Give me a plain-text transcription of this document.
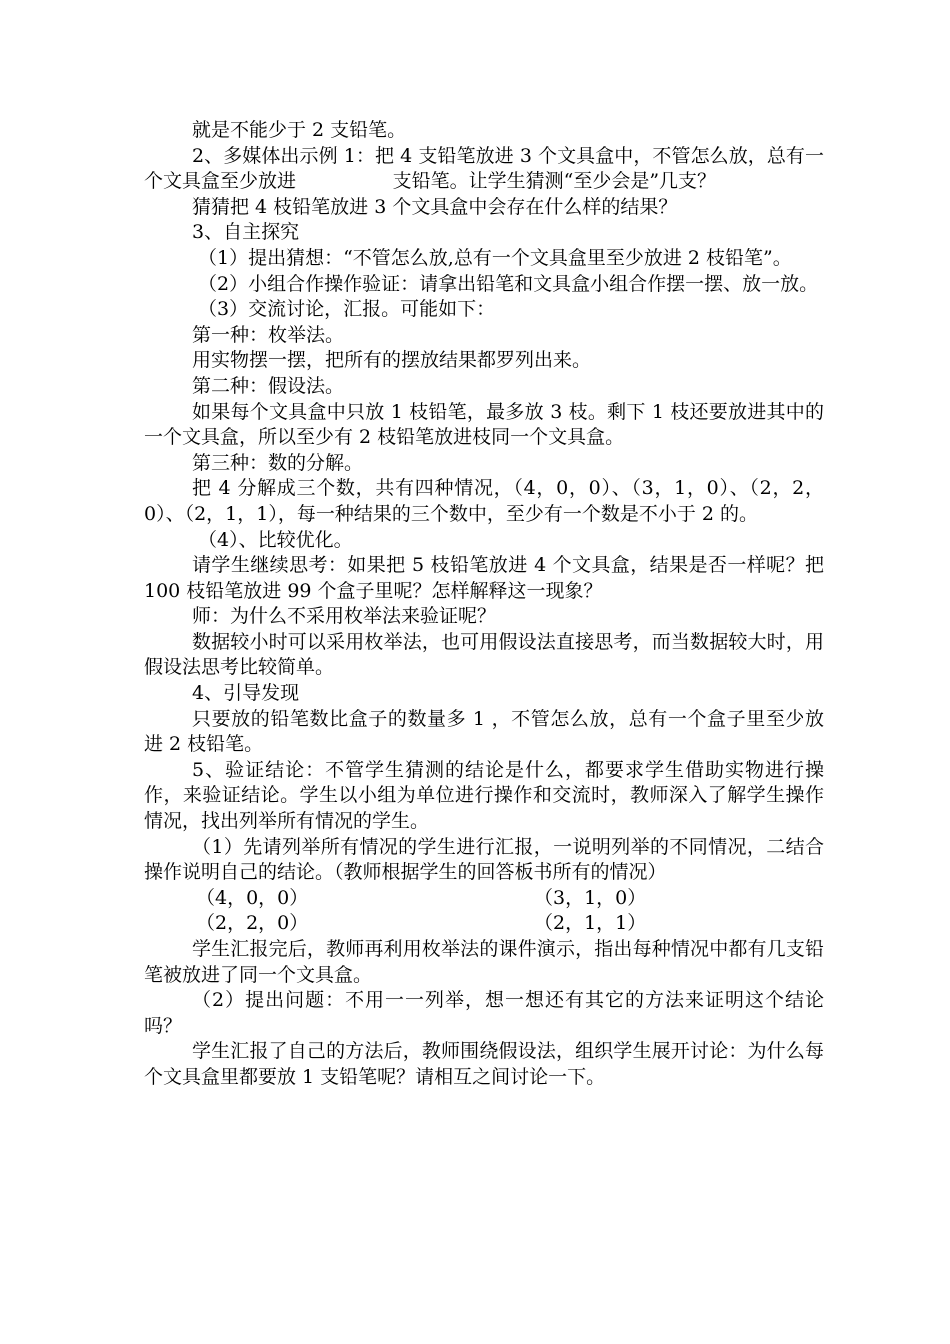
就是不能少于 2 支铅笔。

2、多媒体出示例 1：把 4 支铅笔放进 3 个文具盒中，不管怎么放，总有一个文具盒至少放进                支铅笔。让学生猜测“至少会是”几支？

猜猜把 4 枝铅笔放进 3 个文具盒中会存在什么样的结果？

3、自主探究

（1）提出猜想：“不管怎么放,总有一个文具盒里至少放进 2 枝铅笔”。

（2）小组合作操作验证：请拿出铅笔和文具盒小组合作摆一摆、放一放。

（3）交流讨论，汇报。可能如下：

第一种：枚举法。

用实物摆一摆，把所有的摆放结果都罗列出来。

第二种：假设法。

如果每个文具盒中只放 1 枝铅笔，最多放 3 枝。剩下 1 枝还要放进其中的一个文具盒，所以至少有 2 枝铅笔放进枝同一个文具盒。

第三种：数的分解。

把 4 分解成三个数，共有四种情况，（4，0，0）、（3，1，0）、（2，2，0）、（2，1，1），每一种结果的三个数中，至少有一个数是不小于 2 的。

（4）、比较优化。

请学生继续思考：如果把 5 枝铅笔放进 4 个文具盒，结果是否一样呢？把 100 枝铅笔放进 99 个盒子里呢？怎样解释这一现象？

师：为什么不采用枚举法来验证呢？

数据较小时可以采用枚举法，也可用假设法直接思考，而当数据较大时，用假设法思考比较简单。

4、引导发现

只要放的铅笔数比盒子的数量多 1 ，不管怎么放，总有一个盒子里至少放进 2 枝铅笔。

5、验证结论：不管学生猜测的结论是什么，都要求学生借助实物进行操作，来验证结论。学生以小组为单位进行操作和交流时，教师深入了解学生操作情况，找出列举所有情况的学生。

（1）先请列举所有情况的学生进行汇报，一说明列举的不同情况，二结合操作说明自己的结论。（教师根据学生的回答板书所有的情况）

（4，0，0）	（3，1，0）
（2，2，0）	（2，1，1）

学生汇报完后，教师再利用枚举法的课件演示，指出每种情况中都有几支铅笔被放进了同一个文具盒。

（2）提出问题：不用一一列举，想一想还有其它的方法来证明这个结论吗？

学生汇报了自己的方法后，教师围绕假设法，组织学生展开讨论：为什么每个文具盒里都要放 1 支铅笔呢？请相互之间讨论一下。
